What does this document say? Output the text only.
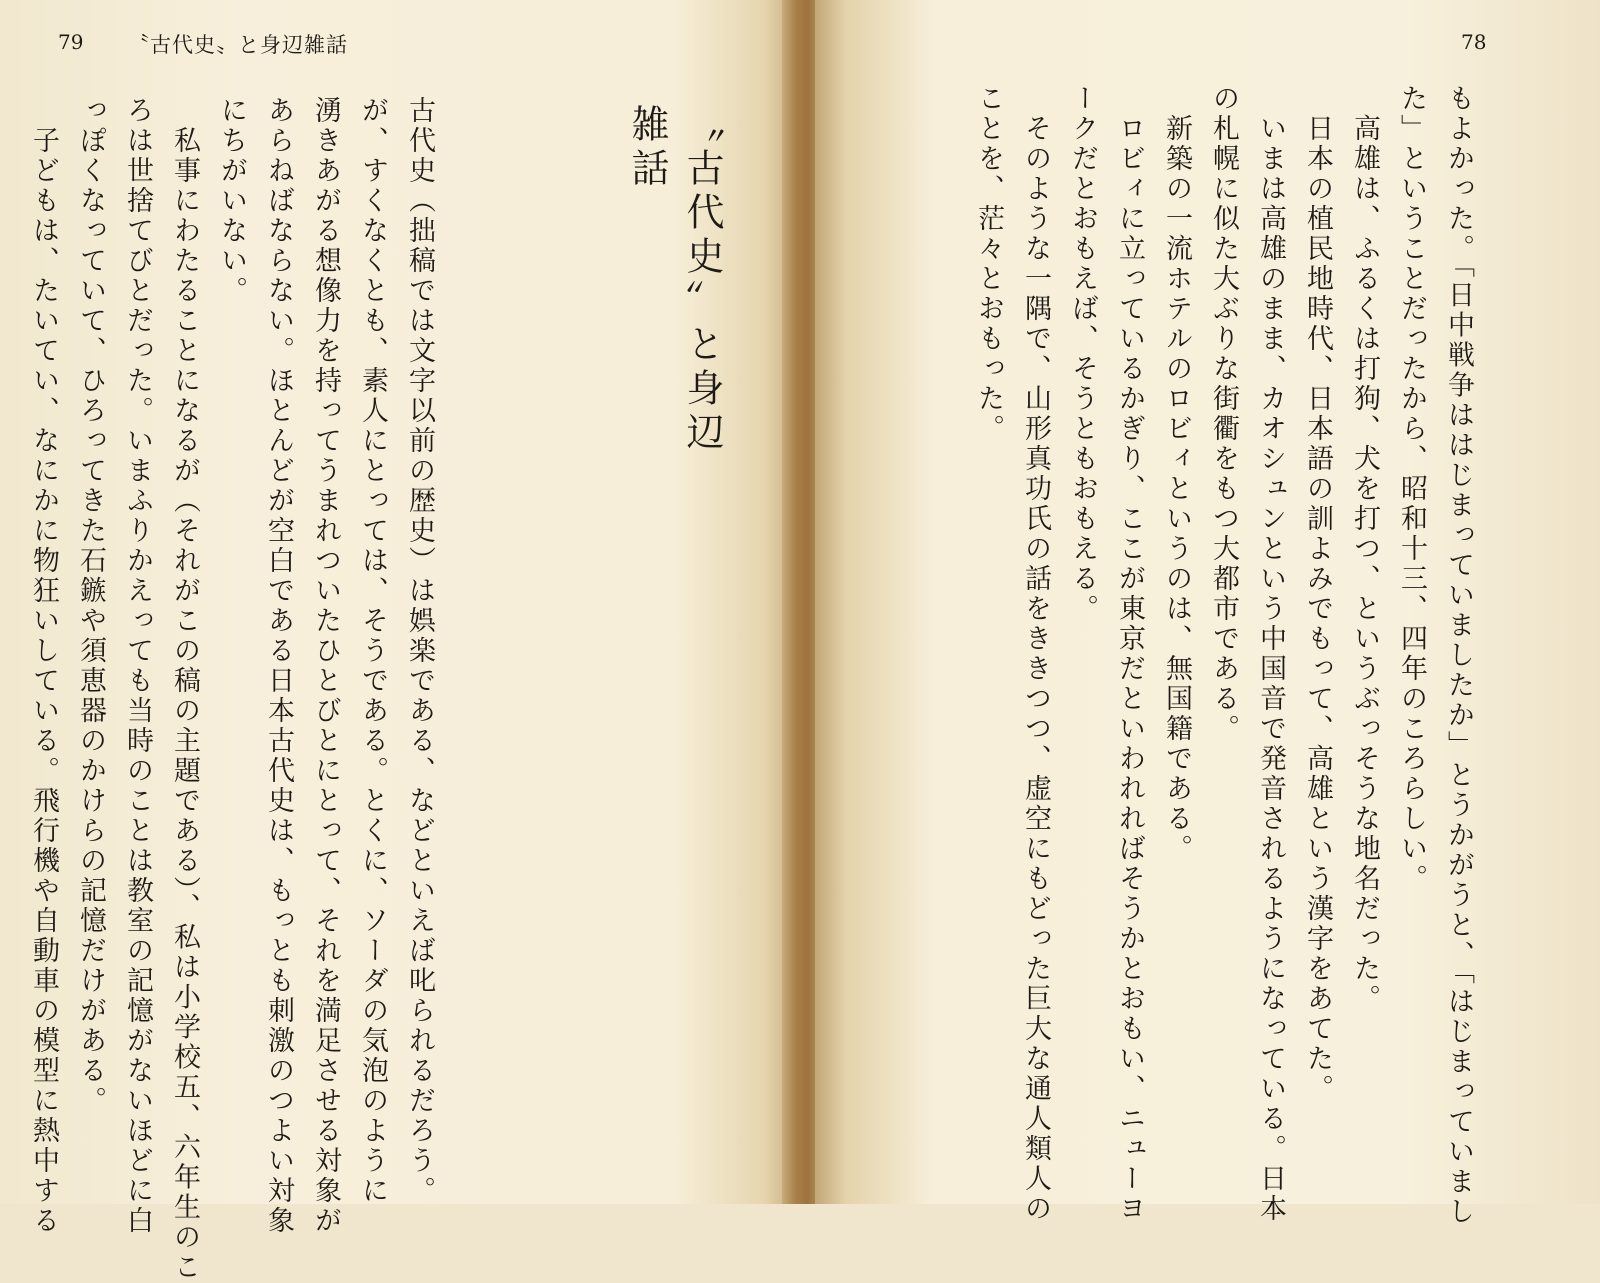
79 〝古代史〟と身辺雑話
〝古代史〟と身辺雑話
古代史（拙稿では文字以前の歴史）は娯楽である、などといえば叱られるだろう。
が、すくなくとも、素人にとっては、そうである。とくに、ソーダの気泡のように
湧きあがる想像力を持ってうまれついたひとびとにとって、それを満足させる対象が
あらねばならない。ほとんどが空白である日本古代史は、もっとも刺激のつよい対象
にちがいない。
　私事にわたることになるが（それがこの稿の主題である）、私は小学校五、六年生のこ
ろは世捨てびとだった。いまふりかえっても当時のことは教室の記憶がないほどに白
っぽくなっていて、ひろってきた石鏃や須恵器のかけらの記憶だけがある。
　子どもは、たいてい、なにかに物狂いしている。飛行機や自動車の模型に熱中する
78
もよかった。「日中戦争ははじまっていましたか」とうかがうと、「はじまっていまし
た」ということだったから、昭和十三、四年のころらしい。
　高雄は、ふるくは打狗、犬を打つ、というぶっそうな地名だった。
　日本の植民地時代、日本語の訓よみでもって、高雄という漢字をあてた。
　いまは高雄のまま、カオシュンという中国音で発音されるようになっている。日本
の札幌に似た大ぶりな街衢をもつ大都市である。
　新築の一流ホテルのロビィというのは、無国籍である。
　ロビィに立っているかぎり、ここが東京だといわれればそうかとおもい、ニューヨ
ークだとおもえば、そうともおもえる。
　そのような一隅で、山形真功氏の話をききつつ、虚空にもどった巨大な通人類人の
ことを、茫々とおもった。
